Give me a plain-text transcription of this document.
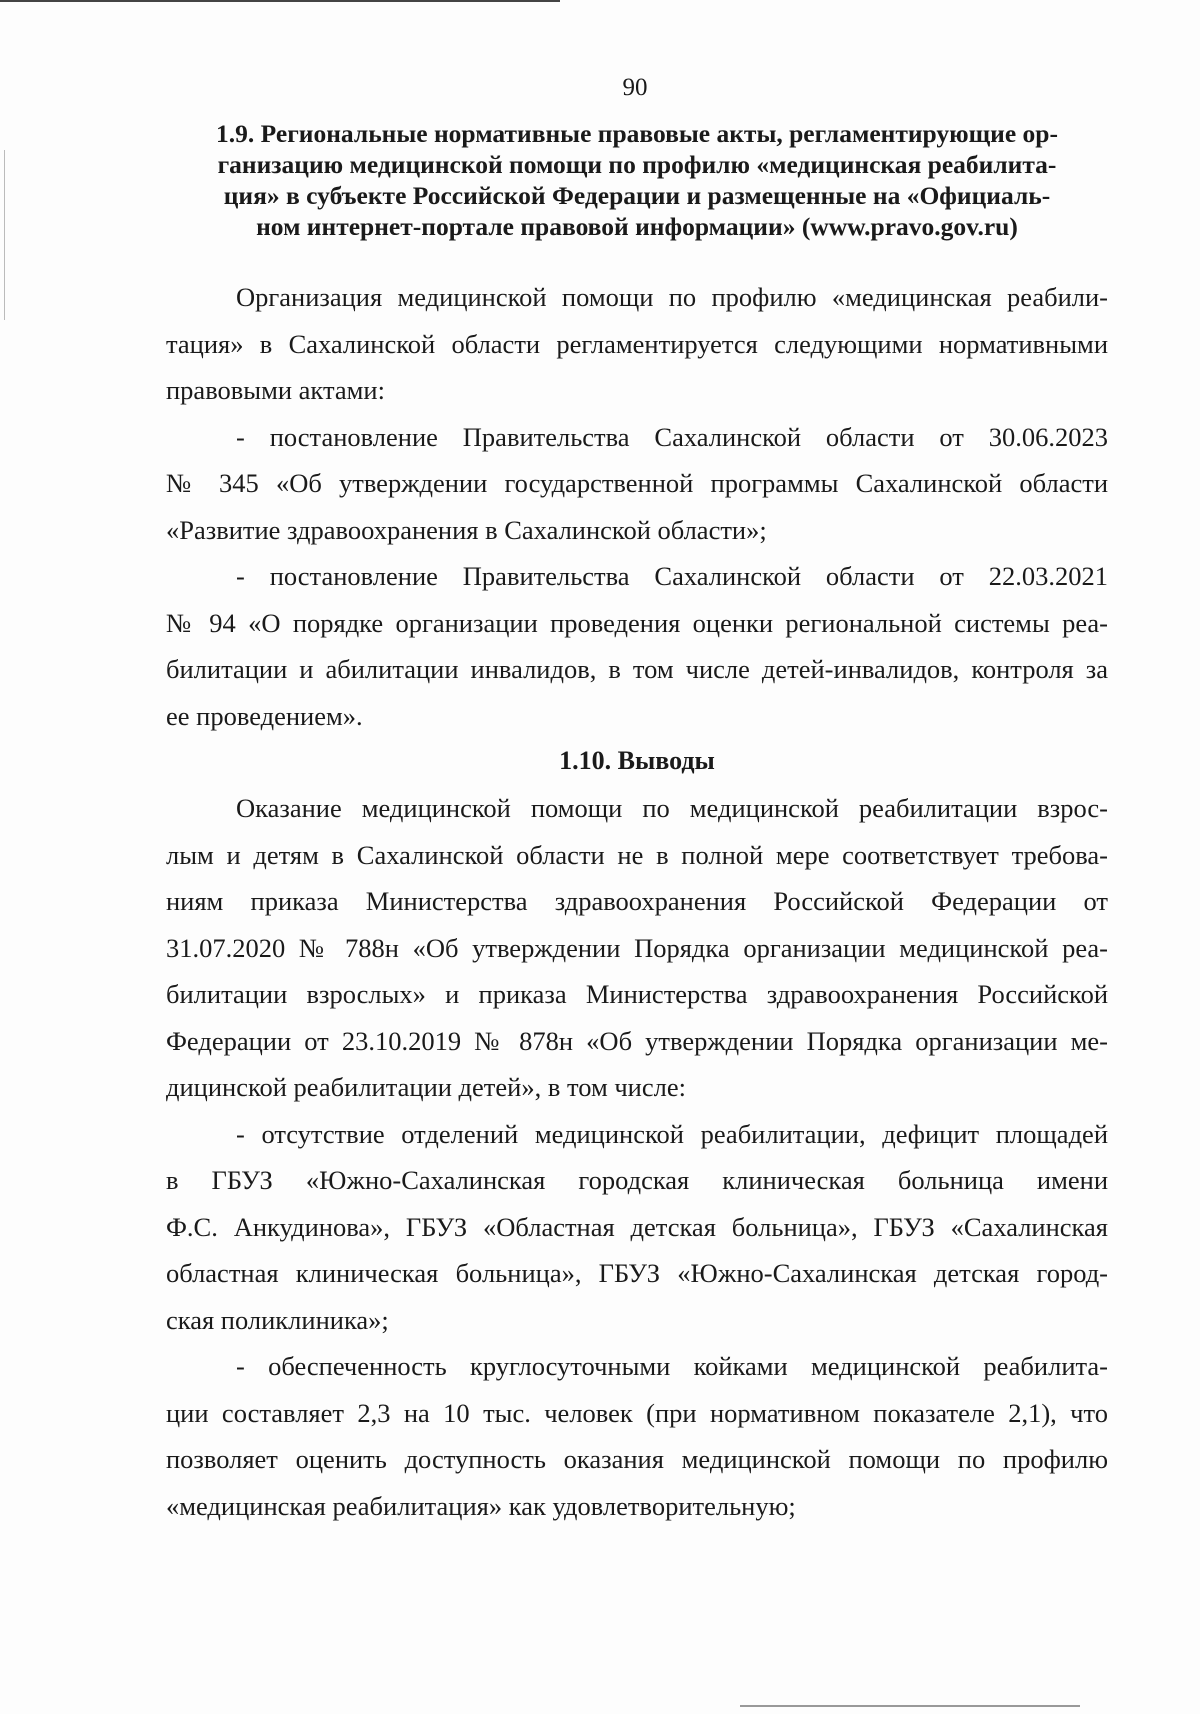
90
1.9. Региональные нормативные правовые акты, регламентирующие ор-
ганизацию медицинской помощи по профилю «медицинская реабилита-
ция» в субъекте Российской Федерации и размещенные на «Официаль-
ном интернет-портале правовой информации» (www.pravo.gov.ru)

Организация медицинской помощи по профилю «медицинская реабили-
тация» в Сахалинской области регламентируется следующими нормативными
правовыми актами:

- постановление Правительства Сахалинской области от 30.06.2023
№ 345 «Об утверждении государственной программы Сахалинской области
«Развитие здравоохранения в Сахалинской области»;

- постановление Правительства Сахалинской области от 22.03.2021
№ 94 «О порядке организации проведения оценки региональной системы реа-
билитации и абилитации инвалидов, в том числе детей-инвалидов, контроля за
ее проведением».

1.10. Выводы

Оказание медицинской помощи по медицинской реабилитации взрос-
лым и детям в Сахалинской области не в полной мере соответствует требова-
ниям приказа Министерства здравоохранения Российской Федерации от
31.07.2020 № 788н «Об утверждении Порядка организации медицинской реа-
билитации взрослых» и приказа Министерства здравоохранения Российской
Федерации от 23.10.2019 № 878н «Об утверждении Порядка организации ме-
дицинской реабилитации детей», в том числе:

- отсутствие отделений медицинской реабилитации, дефицит площадей
в ГБУЗ «Южно-Сахалинская городская клиническая больница имени
Ф.С. Анкудинова», ГБУЗ «Областная детская больница», ГБУЗ «Сахалинская
областная клиническая больница», ГБУЗ «Южно-Сахалинская детская город-
ская поликлиника»;

- обеспеченность круглосуточными койками медицинской реабилита-
ции составляет 2,3 на 10 тыс. человек (при нормативном показателе 2,1), что
позволяет оценить доступность оказания медицинской помощи по профилю
«медицинская реабилитация» как удовлетворительную;
